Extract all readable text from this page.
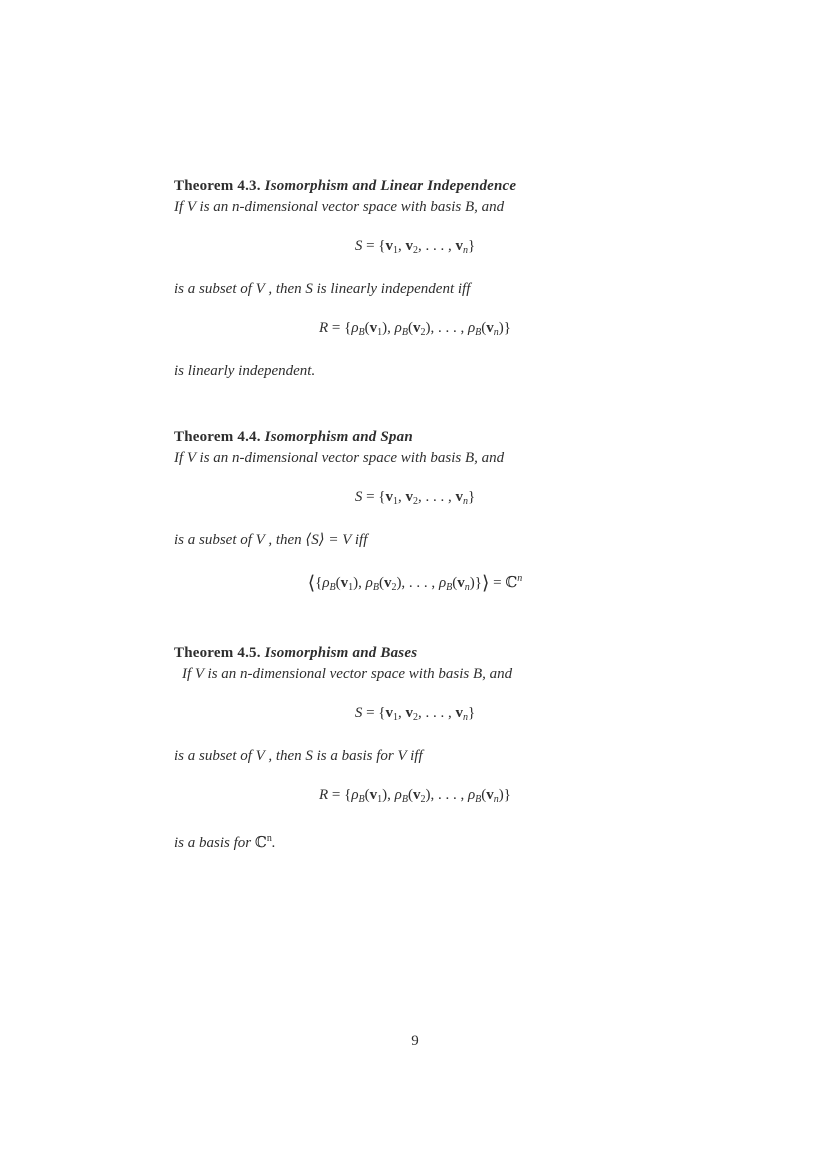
Theorem 4.3. Isomorphism and Linear Independence
If V is an n-dimensional vector space with basis B, and
$S = \{v_1$, $v_2$, . . . , $v_n$}
is a subset of V , then S is linearly independent iff
$R = \{\rho_B(v_1)$, $\rho_B(v_2)$, . . . , $\rho_B(v_n)$}
is linearly independent.
Theorem 4.4. Isomorphism and Span
If V is an n-dimensional vector space with basis B, and
$S = \{v_1$, $v_2$, . . . , $v_n$}
is a subset of V , then ⟨S⟩ = V iff
$⟨\{\rho_B(v_1)$, $\rho_B(v_2)$, . . . , $\rho_B(v_n)\}⟩$ = ℂ$^n$
Theorem 4.5. Isomorphism and Bases
If V is an n-dimensional vector space with basis B, and
$S = \{v_1$, $v_2$, . . . , $v_n$}
is a subset of V , then S is a basis for V iff
$R = \{\rho_B(v_1)$, $\rho_B(v_2)$, . . . , $\rho_B(v_n)$}
is a basis for ℂ$^n$.
9
